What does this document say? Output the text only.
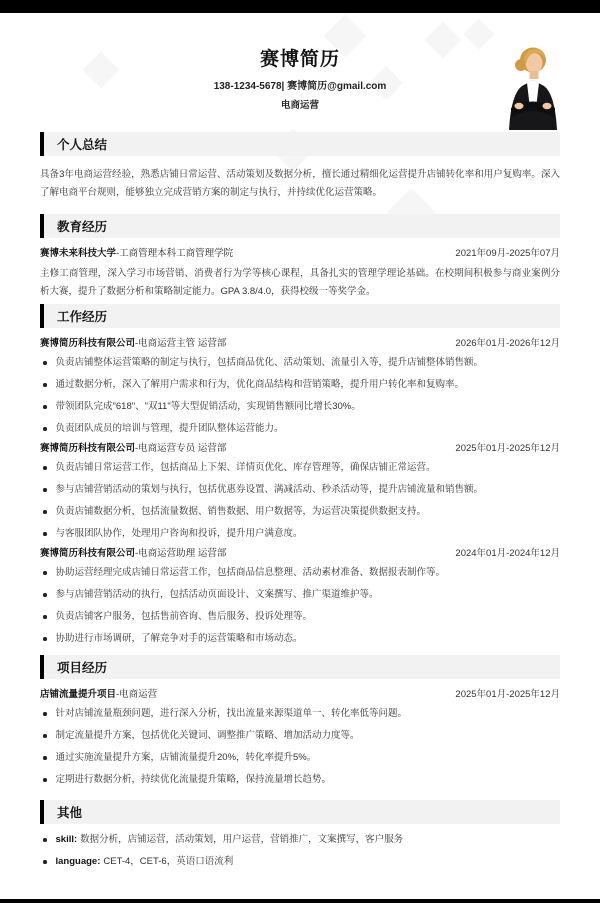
赛博简历
138-1234-5678| 赛博简历@gmail.com
电商运营
个人总结

具备3年电商运营经验，熟悉店铺日常运营、活动策划及数据分析，擅长通过精细化运营提升店铺转化率和用户复购率。深入了解电商平台规则，能够独立完成营销方案的制定与执行，并持续优化运营策略。

教育经历
赛博未来科技大学-工商管理本科工商管理学院	2021年09月-2025年07月

主修工商管理，深入学习市场营销、消费者行为学等核心课程，具备扎实的管理学理论基础。在校期间积极参与商业案例分析大赛，提升了数据分析和策略制定能力。GPA 3.8/4.0，获得校级一等奖学金。

工作经历
赛博简历科技有限公司-电商运营主管 运营部	2026年01月-2026年12月
负责店铺整体运营策略的制定与执行，包括商品优化、活动策划、流量引入等，提升店铺整体销售额。
通过数据分析，深入了解用户需求和行为，优化商品结构和营销策略，提升用户转化率和复购率。
带领团队完成"618"、"双11"等大型促销活动，实现销售额同比增长30%。
负责团队成员的培训与管理，提升团队整体运营能力。
赛博简历科技有限公司-电商运营专员 运营部	2025年01月-2025年12月
负责店铺日常运营工作，包括商品上下架、详情页优化、库存管理等，确保店铺正常运营。
参与店铺营销活动的策划与执行，包括优惠券设置、满减活动、秒杀活动等，提升店铺流量和销售额。
负责店铺数据分析，包括流量数据、销售数据、用户数据等，为运营决策提供数据支持。
与客服团队协作，处理用户咨询和投诉，提升用户满意度。
赛博简历科技有限公司-电商运营助理 运营部	2024年01月-2024年12月
协助运营经理完成店铺日常运营工作，包括商品信息整理、活动素材准备、数据报表制作等。
参与店铺营销活动的执行，包括活动页面设计、文案撰写、推广渠道维护等。
负责店铺客户服务，包括售前咨询、售后服务、投诉处理等。
协助进行市场调研，了解竞争对手的运营策略和市场动态。
项目经历
店铺流量提升项目-电商运营	2025年01月-2025年12月
针对店铺流量瓶颈问题，进行深入分析，找出流量来源渠道单一、转化率低等问题。
制定流量提升方案，包括优化关键词、调整推广策略、增加活动力度等。
通过实施流量提升方案，店铺流量提升20%，转化率提升5%。
定期进行数据分析，持续优化流量提升策略，保持流量增长趋势。
其他
skill: 数据分析，店铺运营，活动策划，用户运营，营销推广，文案撰写，客户服务
language: CET-4，CET-6，英语口语流利
